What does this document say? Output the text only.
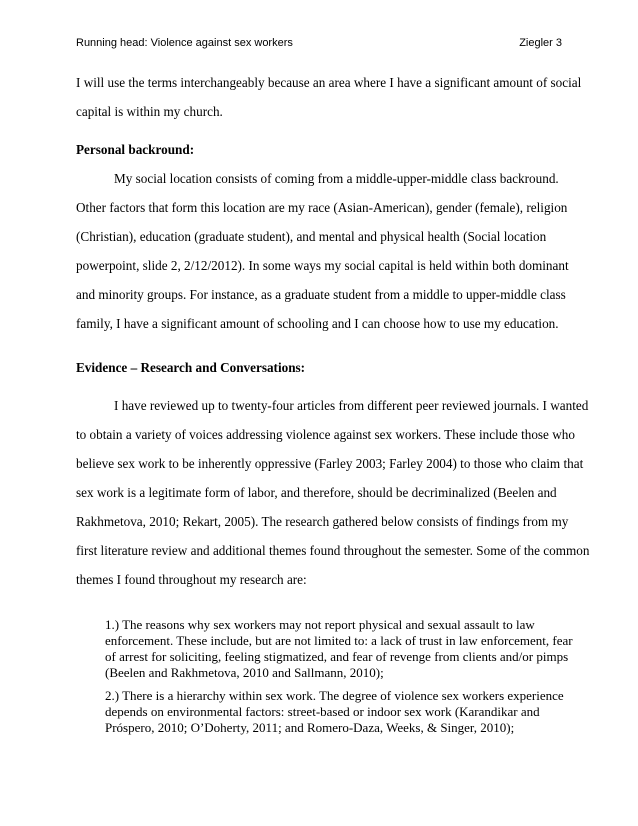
Running head: Violence against sex workers	Ziegler 3
I will use the terms interchangeably because an area where I have a significant amount of social
capital is within my church.
Personal backround:
My social location consists of coming from a middle-upper-middle class backround.
Other factors that form this location are my race (Asian-American), gender (female), religion
(Christian), education (graduate student), and mental and physical health (Social location
powerpoint, slide 2, 2/12/2012). In some ways my social capital is held within both dominant
and minority groups. For instance, as a graduate student from a middle to upper-middle class
family, I have a significant amount of schooling and I can choose how to use my education.
Evidence – Research and Conversations:
I have reviewed up to twenty-four articles from different peer reviewed journals. I wanted
to obtain a variety of voices addressing violence against sex workers. These include those who
believe sex work to be inherently oppressive (Farley 2003; Farley 2004) to those who claim that
sex work is a legitimate form of labor, and therefore, should be decriminalized (Beelen and
Rakhmetova, 2010; Rekart, 2005). The research gathered below consists of findings from my
first literature review and additional themes found throughout the semester. Some of the common
themes I found throughout my research are:
1.) The reasons why sex workers may not report physical and sexual assault to law
enforcement. These include, but are not limited to: a lack of trust in law enforcement, fear
of arrest for soliciting, feeling stigmatized, and fear of revenge from clients and/or pimps
(Beelen and Rakhmetova, 2010 and Sallmann, 2010);
2.) There is a hierarchy within sex work. The degree of violence sex workers experience
depends on environmental factors: street-based or indoor sex work (Karandikar and
Próspero, 2010; O’Doherty, 2011; and Romero-Daza, Weeks, & Singer, 2010);
